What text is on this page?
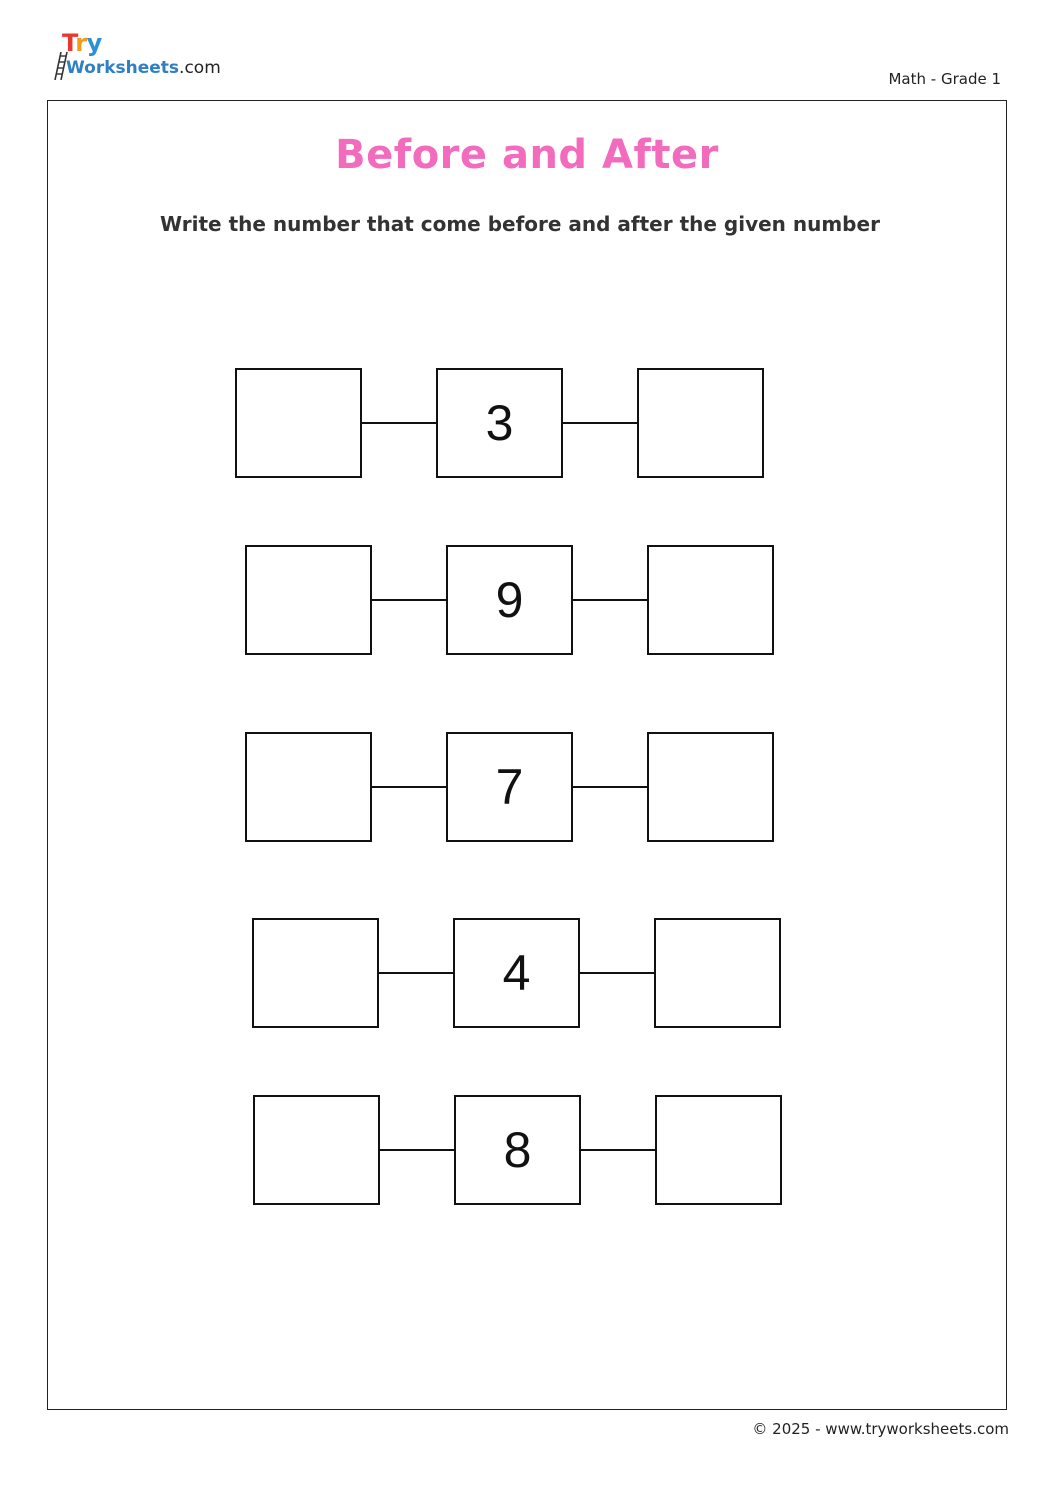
Try
Worksheets.com
Math - Grade 1
Before and After
Write the number that come before and after the given number
3
9
7
4
8
© 2025 - www.tryworksheets.com
